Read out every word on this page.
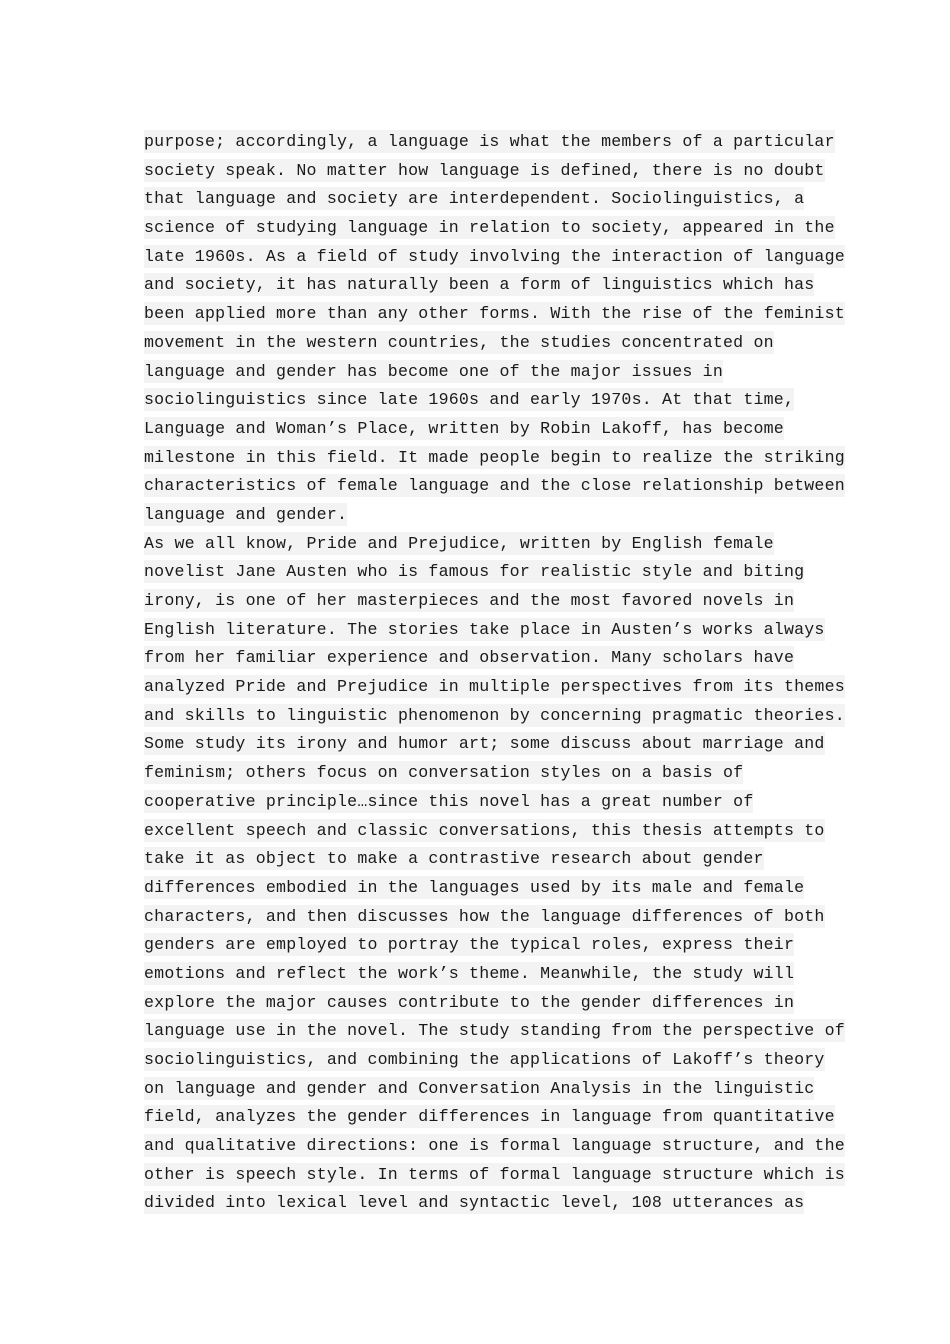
purpose; accordingly, a language is what the members of a particular
society speak. No matter how language is defined, there is no doubt
that language and society are interdependent. Sociolinguistics, a
science of studying language in relation to society, appeared in the
late 1960s. As a field of study involving the interaction of language
and society, it has naturally been a form of linguistics which has
been applied more than any other forms. With the rise of the feminist
movement in the western countries, the studies concentrated on
language and gender has become one of the major issues in
sociolinguistics since late 1960s and early 1970s. At that time,
Language and Woman’s Place, written by Robin Lakoff, has become
milestone in this field. It made people begin to realize the striking
characteristics of female language and the close relationship between
language and gender.
As we all know, Pride and Prejudice, written by English female
novelist Jane Austen who is famous for realistic style and biting
irony, is one of her masterpieces and the most favored novels in
English literature. The stories take place in Austen’s works always
from her familiar experience and observation. Many scholars have
analyzed Pride and Prejudice in multiple perspectives from its themes
and skills to linguistic phenomenon by concerning pragmatic theories.
Some study its irony and humor art; some discuss about marriage and
feminism; others focus on conversation styles on a basis of
cooperative principle…since this novel has a great number of
excellent speech and classic conversations, this thesis attempts to
take it as object to make a contrastive research about gender
differences embodied in the languages used by its male and female
characters, and then discusses how the language differences of both
genders are employed to portray the typical roles, express their
emotions and reflect the work’s theme. Meanwhile, the study will
explore the major causes contribute to the gender differences in
language use in the novel. The study standing from the perspective of
sociolinguistics, and combining the applications of Lakoff’s theory
on language and gender and Conversation Analysis in the linguistic
field, analyzes the gender differences in language from quantitative
and qualitative directions: one is formal language structure, and the
other is speech style. In terms of formal language structure which is
divided into lexical level and syntactic level, 108 utterances as
